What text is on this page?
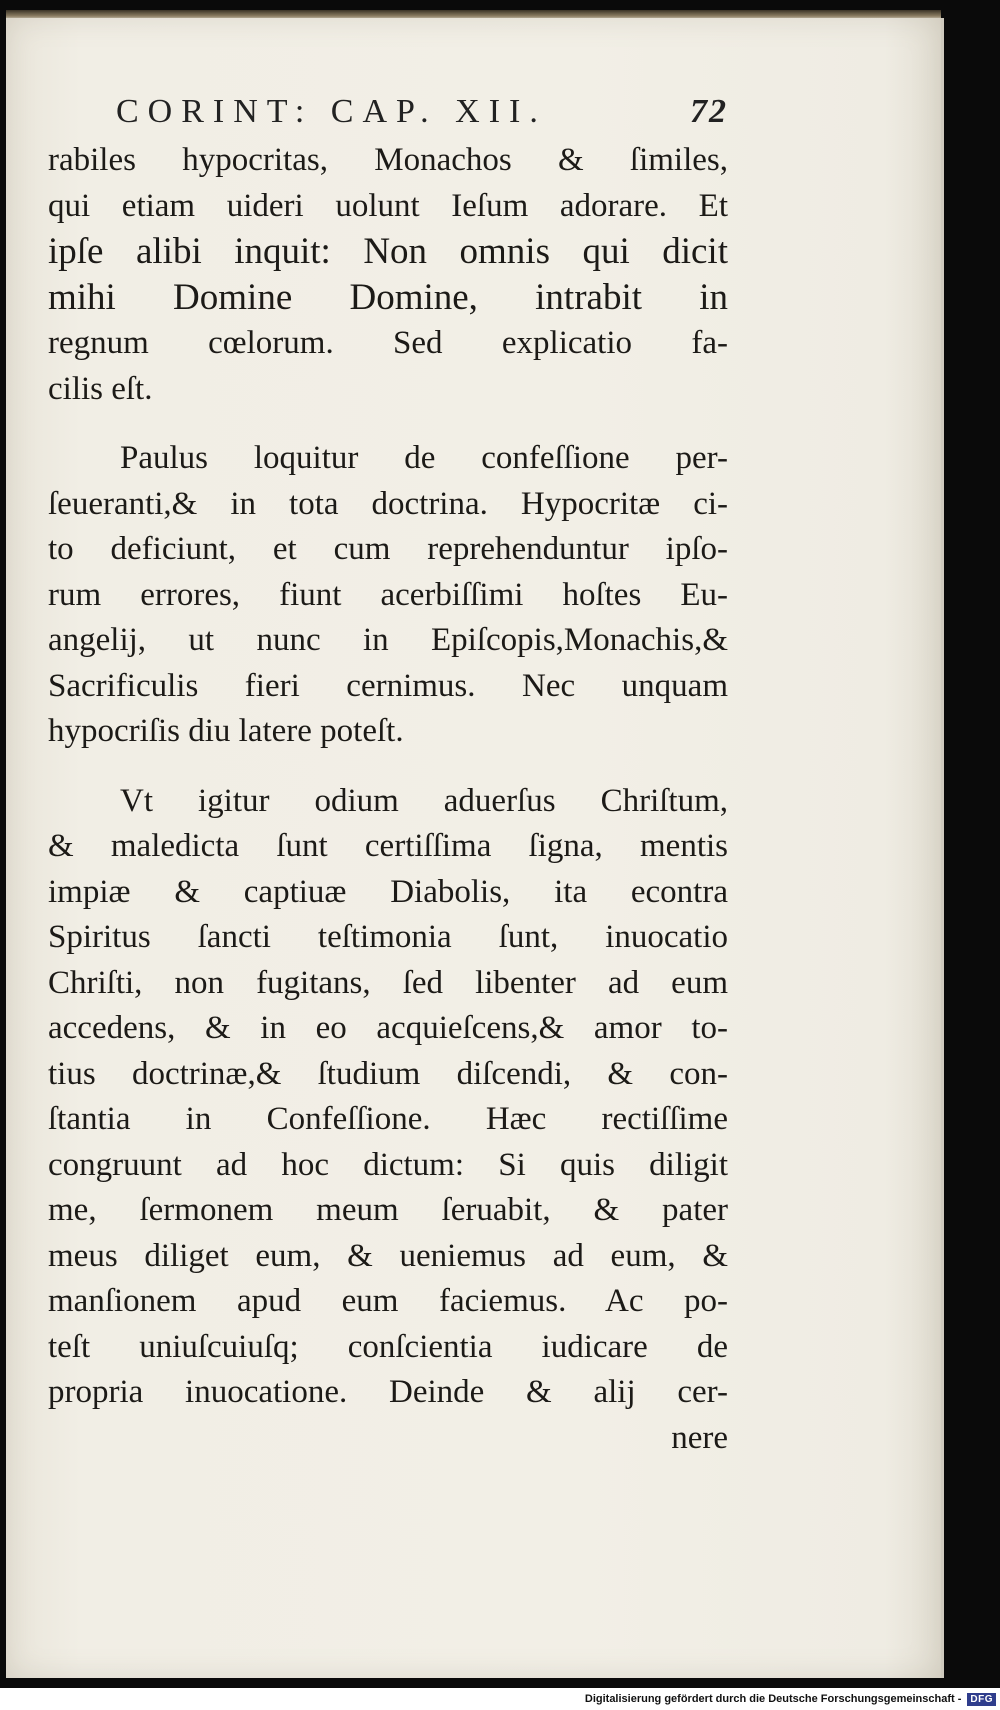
CORINT: CAP. XII.	72
rabiles hypocritas, Monachos & ſimiles,
qui etiam uideri uolunt Ieſum adorare. Et
ipſe alibi inquit: Non omnis qui dicit
mihi Domine Domine, intrabit in
regnum cœlorum. Sed explicatio fa-
cilis eſt.
Paulus loquitur de confeſſione per-
ſeueranti,& in tota doctrina. Hypocritæ ci-
to deficiunt, et cum reprehenduntur ipſo-
rum errores, fiunt acerbiſſimi hoſtes Eu-
angelij, ut nunc in Epiſcopis,Monachis,&
Sacrificulis fieri cernimus. Nec unquam
hypocriſis diu latere poteſt.
Vt igitur odium aduerſus Chriſtum,
& maledicta ſunt certiſſima ſigna, mentis
impiæ & captiuæ Diabolis, ita econtra
Spiritus ſancti teſtimonia ſunt, inuocatio
Chriſti, non fugitans, ſed libenter ad eum
accedens, & in eo acquieſcens,& amor to-
tius doctrinæ,& ſtudium diſcendi, & con-
ſtantia in Confeſſione. Hæc rectiſſime
congruunt ad hoc dictum: Si quis diligit
me, ſermonem meum ſeruabit, & pater
meus diliget eum, & ueniemus ad eum, &
manſionem apud eum faciemus. Ac po-
teſt uniuſcuiuſq; conſcientia iudicare de
propria inuocatione. Deinde & alij cer-
nere
Digitalisierung gefördert durch die Deutsche Forschungsgemeinschaft - DFG
